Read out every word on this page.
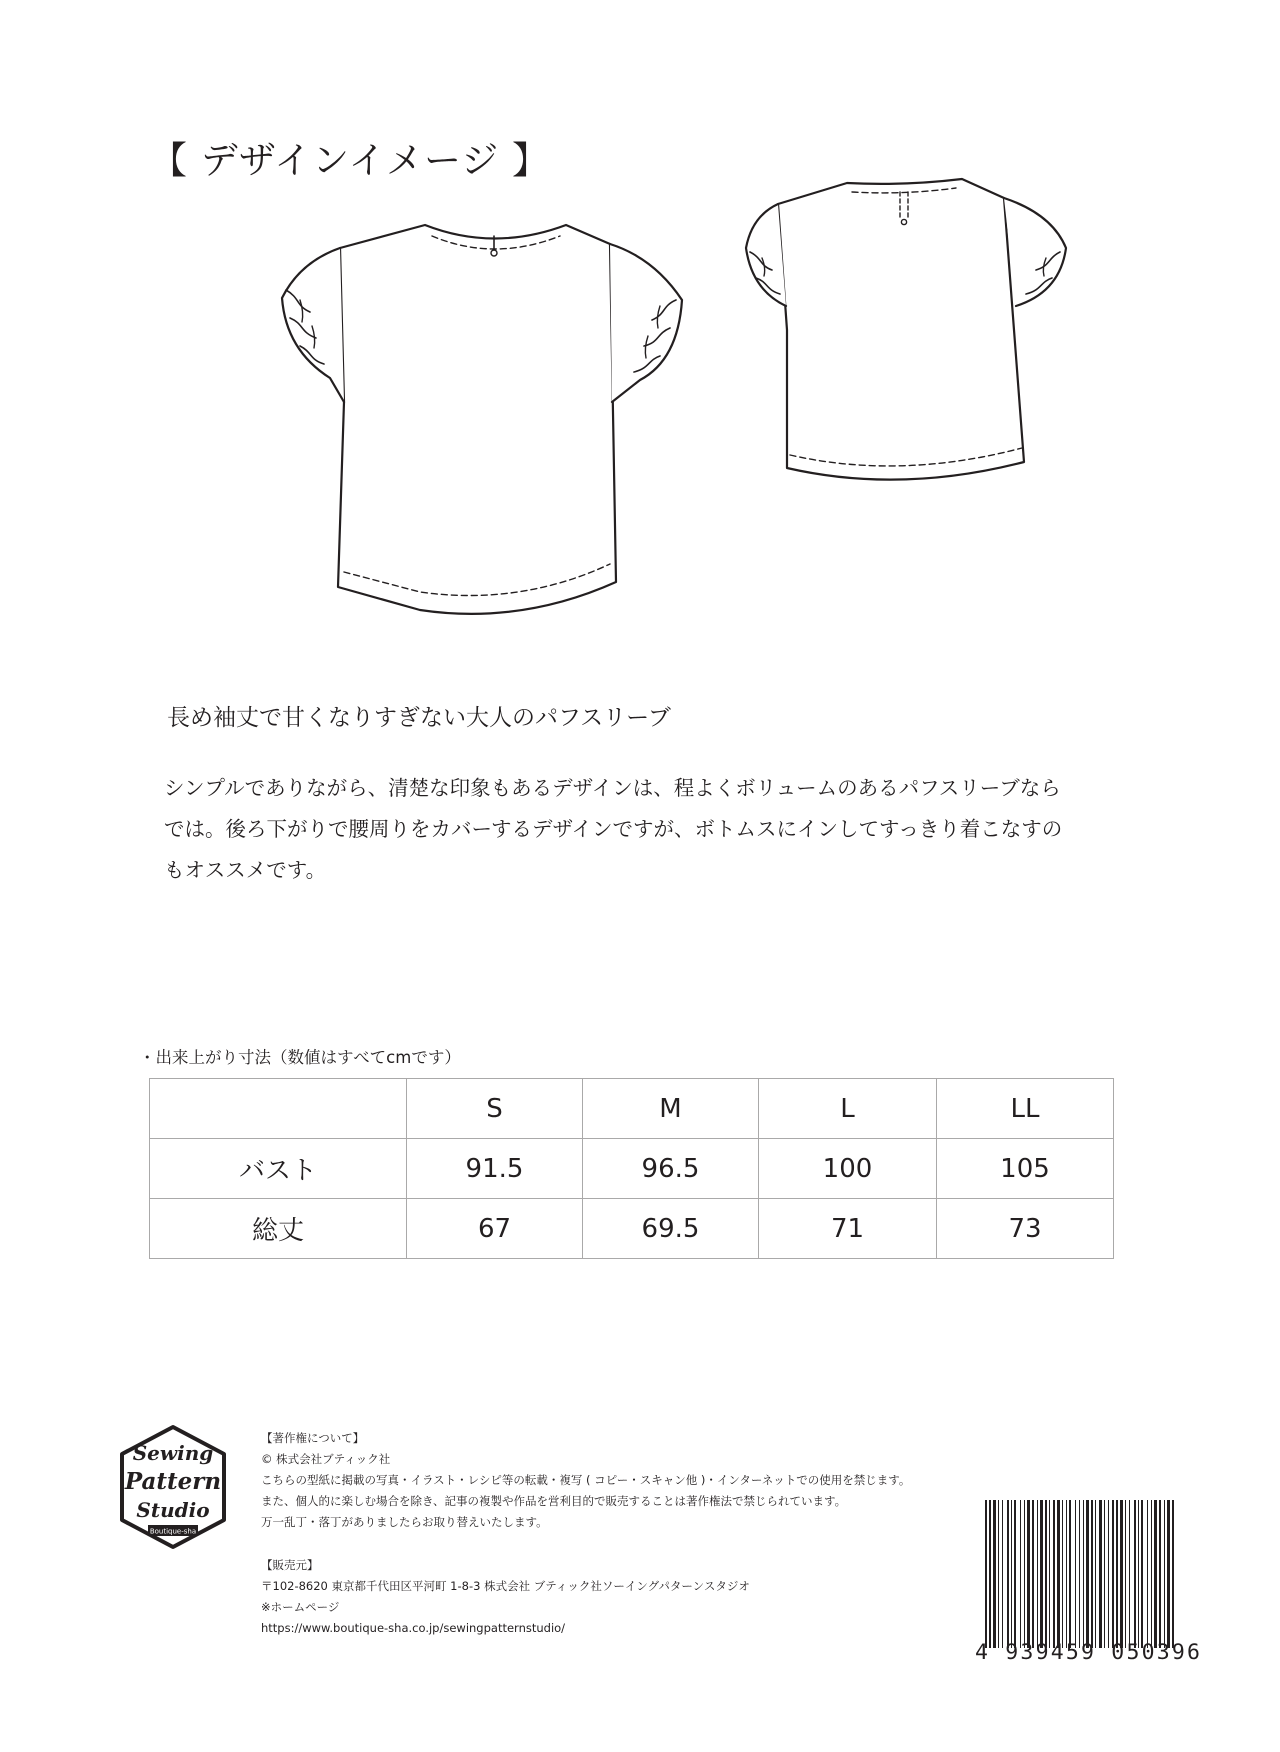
【 デザインイメージ 】
長め袖丈で甘くなりすぎない大人のパフスリーブ
シンプルでありながら、清楚な印象もあるデザインは、程よくボリュームのあるパフスリーブなら
では。後ろ下がりで腰周りをカバーするデザインですが、ボトムスにインしてすっきり着こなすの
もオススメです。
・出来上がり寸法（数値はすべてcmです）
	S	M	L	LL
バスト	91.5	96.5	100	105
総丈	67	69.5	71	73
Sewing
Pattern
Studio
Boutique-sha
【著作権について】
© 株式会社ブティック社
こちらの型紙に掲載の写真・イラスト・レシピ等の転載・複写 ( コピー・スキャン他 )・インターネットでの使用を禁じます。
また、個人的に楽しむ場合を除き、記事の複製や作品を営利目的で販売することは著作権法で禁じられています。
万一乱丁・落丁がありましたらお取り替えいたします。
【販売元】
〒102-8620 東京都千代田区平河町 1-8-3 株式会社 ブティック社ソーイングパターンスタジオ
※ホームページ
https://www.boutique-sha.co.jp/sewingpatternstudio/
4 939459 050396
